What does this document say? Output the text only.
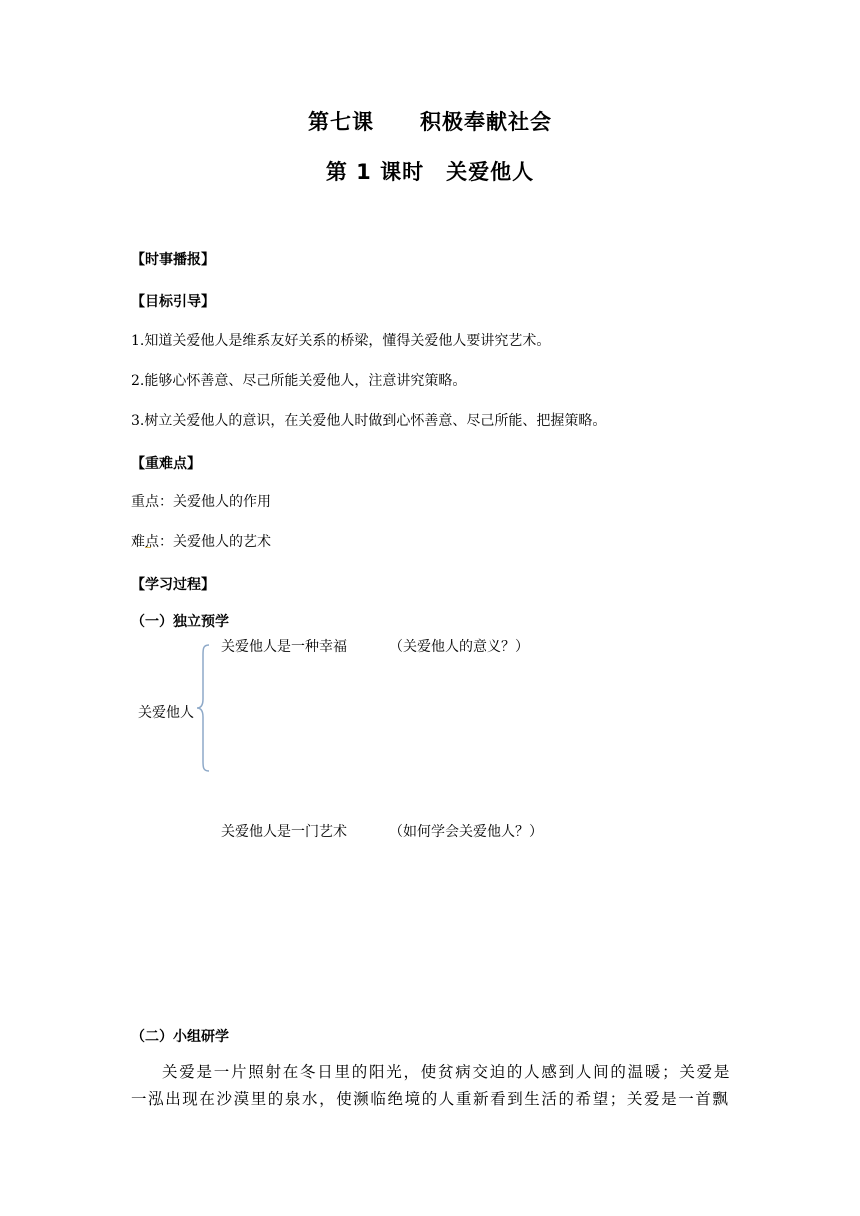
第七课 积极奉献社会
第 1 课时 关爱他人
【时事播报】
【目标引导】
1.知道关爱他人是维系友好关系的桥梁，懂得关爱他人要讲究艺术。
2.能够心怀善意、尽己所能关爱他人，注意讲究策略。
3.树立关爱他人的意识，在关爱他人时做到心怀善意、尽己所能、把握策略。
【重难点】
重点：关爱他人的作用
难点：关爱他人的艺术
【学习过程】
（一）独立预学
关爱他人是一种幸福	（关爱他人的意义？）
关爱他人
关爱他人是一门艺术	（如何学会关爱他人？）
（二）小组研学
关爱是一片照射在冬日里的阳光，使贫病交迫的人感到人间的温暖；关爱是一泓出现在沙漠里的泉水，使濒临绝境的人重新看到生活的希望；关爱是一首飘
